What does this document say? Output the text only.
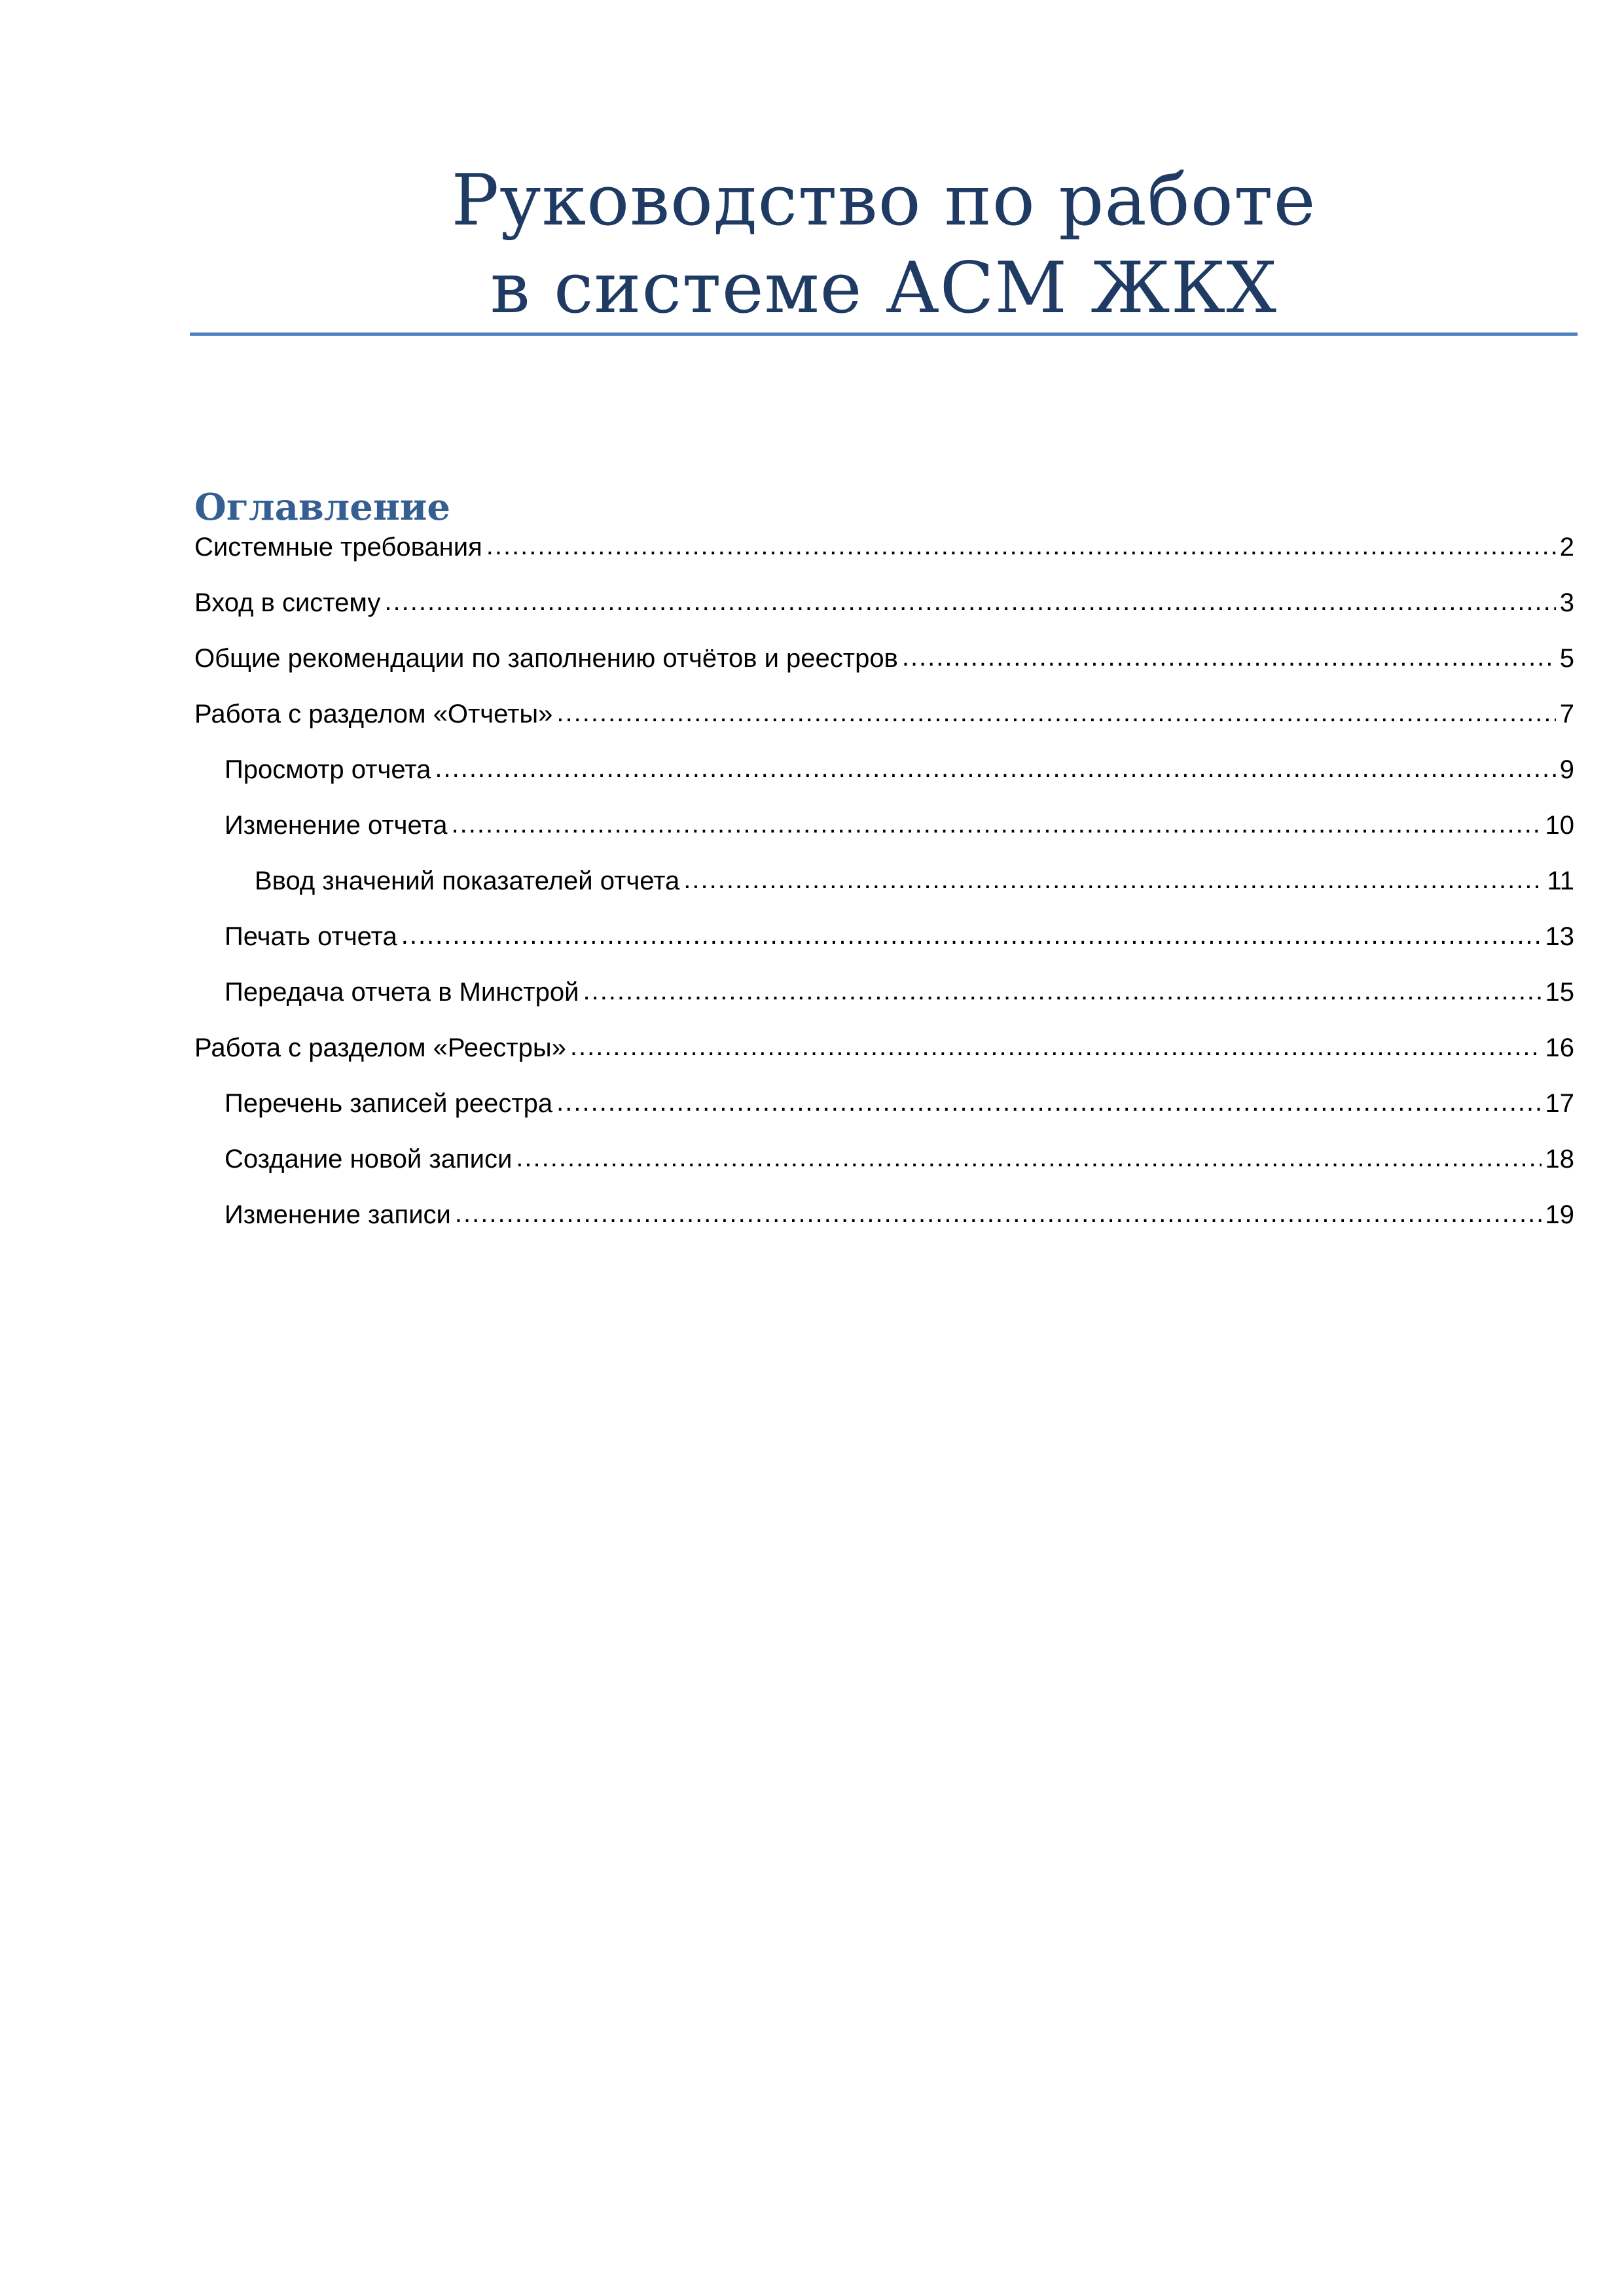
Руководство по работе
в системе АСМ ЖКХ
Оглавление
Системные требования .....	2
Вход в систему .....	3
Общие рекомендации по заполнению отчётов и реестров .....	5
Работа с разделом «Отчеты» .....	7
Просмотр отчета .....	9
Изменение отчета .....	10
Ввод значений показателей отчета .....	11
Печать отчета .....	13
Передача отчета в Минстрой .....	15
Работа с разделом «Реестры» .....	16
Перечень записей реестра .....	17
Создание новой записи .....	18
Изменение записи .....	19
